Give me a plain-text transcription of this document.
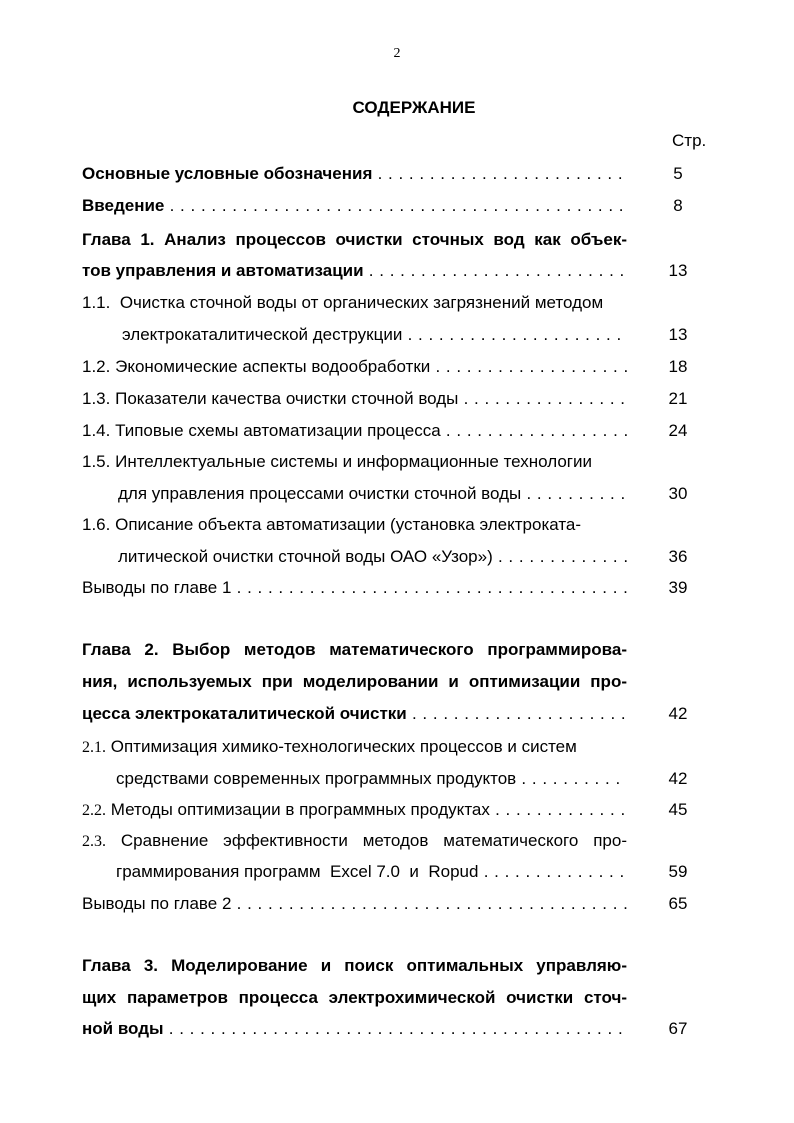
2
СОДЕРЖАНИЕ
Стр.
Основные условные обозначения . . .	5
Введение . . .	8
Глава 1. Анализ процессов очистки сточных вод как объек-
тов управления и автоматизации . . .	13
1.1. Очистка сточной воды от органических загрязнений методом
электрокаталитической деструкции . . .	13
1.2. Экономические аспекты водообработки . . .	18
1.3. Показатели качества очистки сточной воды . . .	21
1.4. Типовые схемы автоматизации процесса . . .	24
1.5. Интеллектуальные системы и информационные технологии
для управления процессами очистки сточной воды . . .	30
1.6. Описание объекта автоматизации (установка электроката-
литической очистки сточной воды ОАО «Узор») . . .	36
Выводы по главе 1 . . .	39
Глава 2. Выбор методов математического программирова-
ния, используемых при моделировании и оптимизации про-
цесса электрокаталитической очистки . . .	42
2.1. Оптимизация химико-технологических процессов и систем
средствами современных программных продуктов . . .	42
2.2. Методы оптимизации в программных продуктах . . .	45
2.3. Сравнение эффективности методов математического про-
граммирования программ  Excel 7.0  и  Ropud . . .	59
Выводы по главе 2 . . .	65
Глава 3. Моделирование и поиск оптимальных управляю-
щих параметров процесса электрохимической очистки сточ-
ной воды . . .	67
